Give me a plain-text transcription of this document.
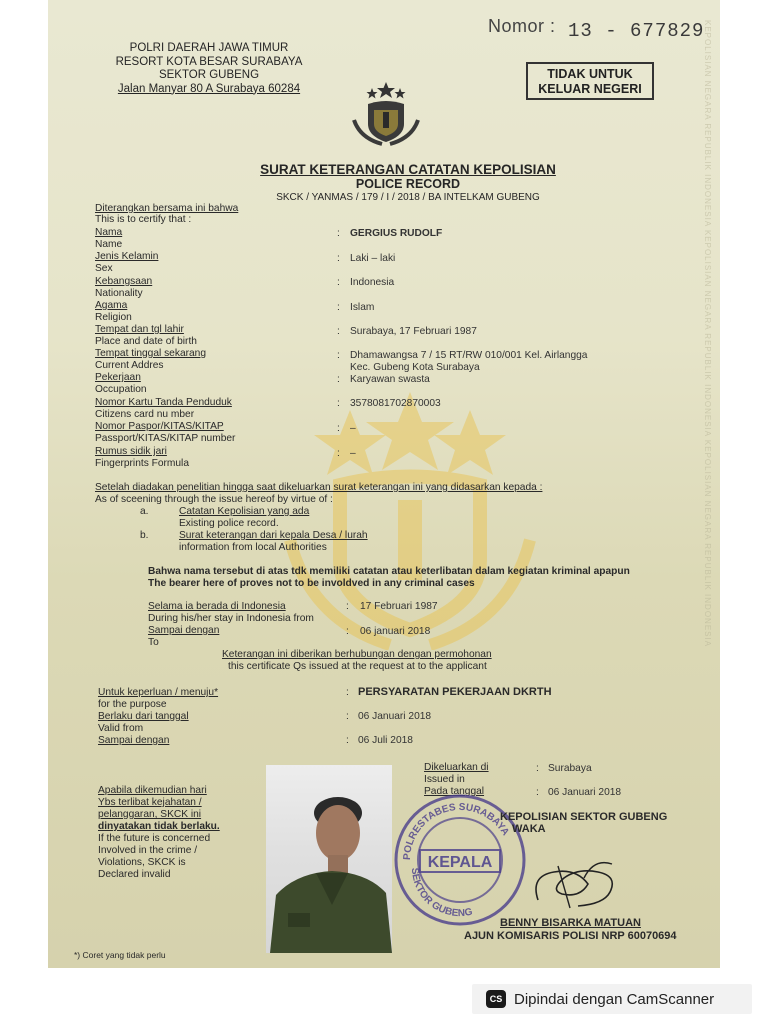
KEPOLISIAN NEGARA REPUBLIK INDONESIA KEPOLISIAN NEGARA REPUBLIK INDONESIA KEPOLISIAN NEGARA REPUBLIK INDONESIA
Nomor : 13 - 677829
POLRI DAERAH JAWA TIMUR
RESORT KOTA BESAR SURABAYA
SEKTOR GUBENG
Jalan Manyar 80 A Surabaya 60284
TIDAK UNTUK
KELUAR NEGERI
SURAT KETERANGAN CATATAN KEPOLISIAN
POLICE RECORD
SKCK / YANMAS / 179 / I / 2018 / BA INTELKAM GUBENG
Diterangkan bersama ini bahwa
This is to certify that :
Nama
Name
: GERGIUS RUDOLF
Jenis Kelamin
Sex
: Laki – laki
Kebangsaan
Nationality
: Indonesia
Agama
Religion
: Islam
Tempat dan tgl lahir
Place and date of birth
: Surabaya, 17 Februari 1987
Tempat tinggal sekarang
Current Addres
: Dhamawangsa 7 / 15 RT/RW 010/001 Kel. Airlangga
Kec. Gubeng Kota Surabaya
Pekerjaan
Occupation
: Karyawan swasta
Nomor Kartu Tanda Penduduk
Citizens card nu mber
: 3578081702870003
Nomor Paspor/KITAS/KITAP
Passport/KITAS/KITAP number
: –
Rumus sidik jari
Fingerprints Formula
: –
Setelah diadakan penelitian hingga saat dikeluarkan surat keterangan ini yang didasarkan kepada :
As of sceening through the issue hereof by virtue of :
a.	Catatan Kepolisian yang ada
Existing police record.
b.	Surat keterangan dari kepala Desa / lurah
information from local Authorities
Bahwa nama tersebut di atas tdk memiliki catatan atau keterlibatan dalam kegiatan kriminal apapun
The bearer here of proves not to be involdved in any criminal cases
Selama ia berada di Indonesia
During his/her stay in Indonesia from
: 17 Februari 1987
Sampai dengan
To
: 06 januari 2018
Keterangan ini diberikan berhubungan dengan permohonan
this certificate Qs issued at the request at to the applicant
Untuk keperluan / menuju*
for the purpose
: PERSYARATAN PEKERJAAN DKRTH
Berlaku dari tanggal
Valid from
: 06 Januari 2018
Sampai dengan	: 06 Juli 2018
Dikeluarkan di
Issued in
: Surabaya
Pada tanggal	: 06 Januari 2018
Apabila dikemudian hari
Ybs terlibat kejahatan /
pelanggaran, SKCK ini
dinyatakan tidak berlaku.
If the future is concerned
Involved in the crime /
Violations, SKCK is
Declared invalid
POLRESTABES SURABAYA
SEKTOR GUBENG
KEPALA
KEPOLISIAN SEKTOR GUBENG
WAKA
BENNY BISARKA MATUAN
AJUN KOMISARIS POLISI NRP 60070694
*) Coret yang tidak perlu
CS Dipindai dengan CamScanner
